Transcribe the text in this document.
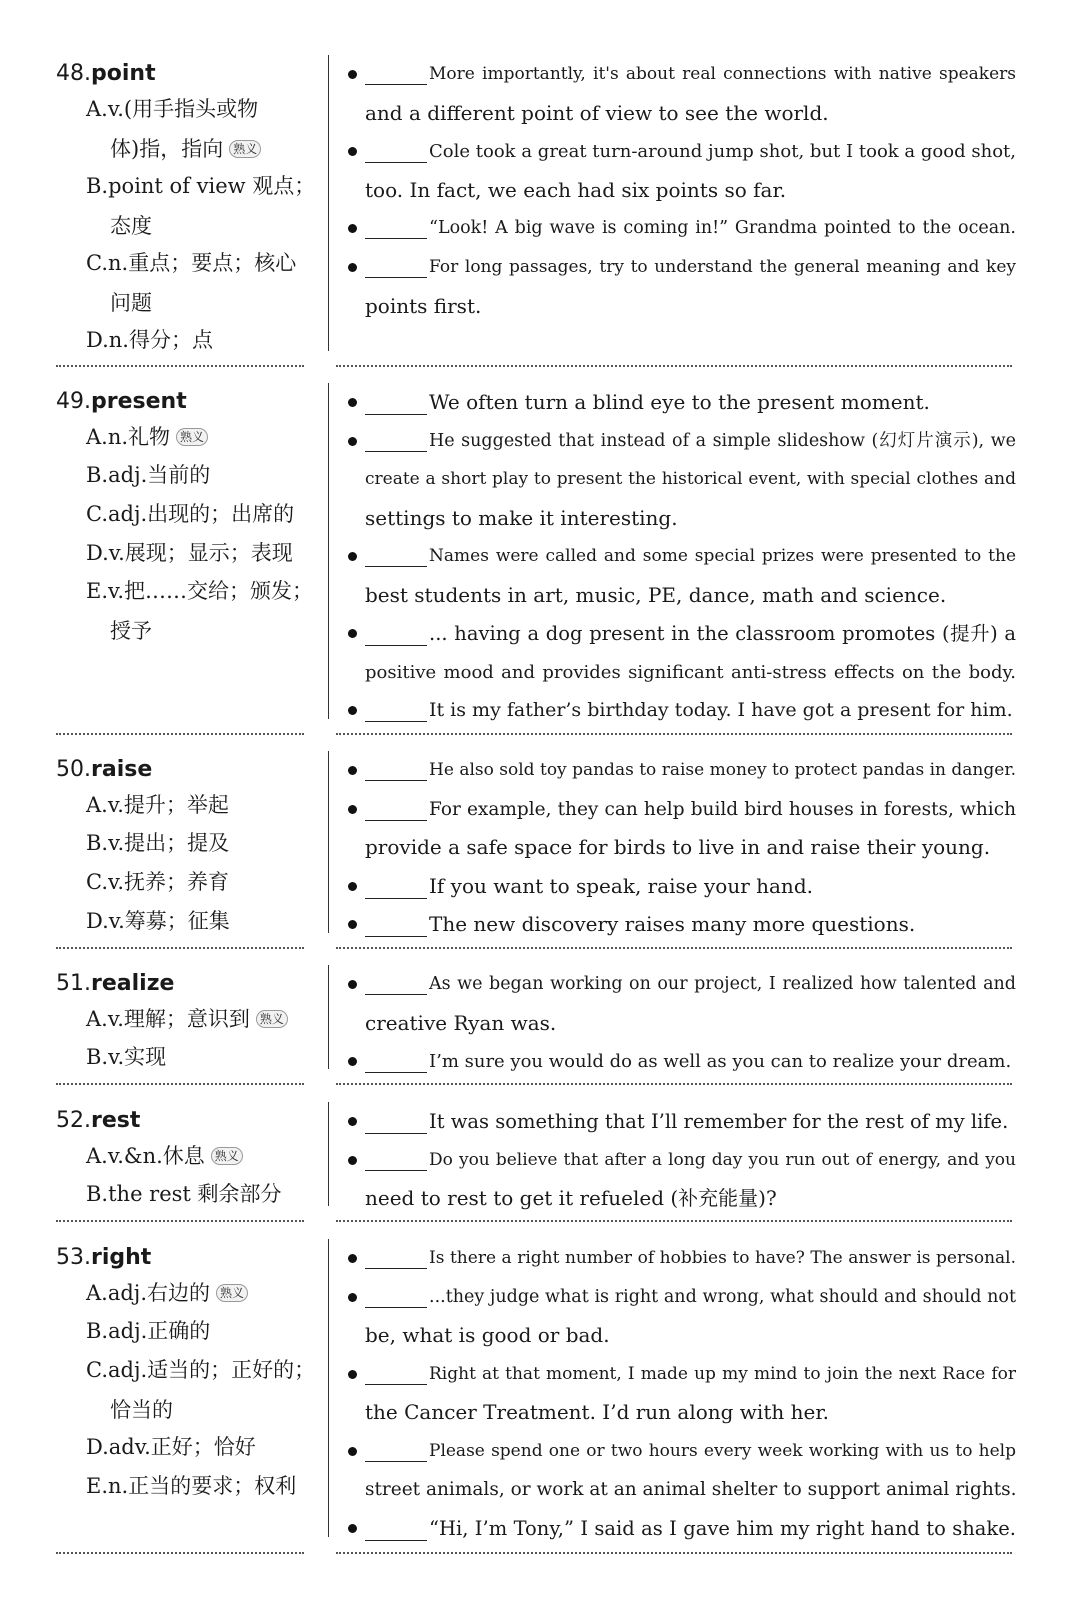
48.point
A.v.(用手指头或物
体)指，指向 熟义
B.point of view 观点；
态度
C.n.重点；要点；核心
问题
D.n.得分；点
More importantly, it's about real connections with native speakers
and a different point of view to see the world.
Cole took a great turn-around jump shot, but I took a good shot,
too. In fact, we each had six points so far.
“Look! A big wave is coming in!” Grandma pointed to the ocean.
For long passages, try to understand the general meaning and key
points first.
49.present
A.n.礼物 熟义
B.adj.当前的
C.adj.出现的；出席的
D.v.展现；显示；表现
E.v.把……交给；颁发；
授予
We often turn a blind eye to the present moment.
He suggested that instead of a simple slideshow (幻灯片演示), we
create a short play to present the historical event, with special clothes and
settings to make it interesting.
Names were called and some special prizes were presented to the
best students in art, music, PE, dance, math and science.
... having a dog present in the classroom promotes (提升) a
positive mood and provides significant anti-stress effects on the body.
It is my father’s birthday today. I have got a present for him.
50.raise
A.v.提升；举起
B.v.提出；提及
C.v.抚养；养育
D.v.筹募；征集
He also sold toy pandas to raise money to protect pandas in danger.
For example, they can help build bird houses in forests, which
provide a safe space for birds to live in and raise their young.
If you want to speak, raise your hand.
The new discovery raises many more questions.
51.realize
A.v.理解；意识到 熟义
B.v.实现
As we began working on our project, I realized how talented and
creative Ryan was.
I’m sure you would do as well as you can to realize your dream.
52.rest
A.v.&n.休息 熟义
B.the rest 剩余部分
It was something that I’ll remember for the rest of my life.
Do you believe that after a long day you run out of energy, and you
need to rest to get it refueled (补充能量)?
53.right
A.adj.右边的 熟义
B.adj.正确的
C.adj.适当的；正好的；
恰当的
D.adv.正好；恰好
E.n.正当的要求；权利
Is there a right number of hobbies to have? The answer is personal.
...they judge what is right and wrong, what should and should not
be, what is good or bad.
Right at that moment, I made up my mind to join the next Race for
the Cancer Treatment. I’d run along with her.
Please spend one or two hours every week working with us to help
street animals, or work at an animal shelter to support animal rights.
“Hi, I’m Tony,” I said as I gave him my right hand to shake.
